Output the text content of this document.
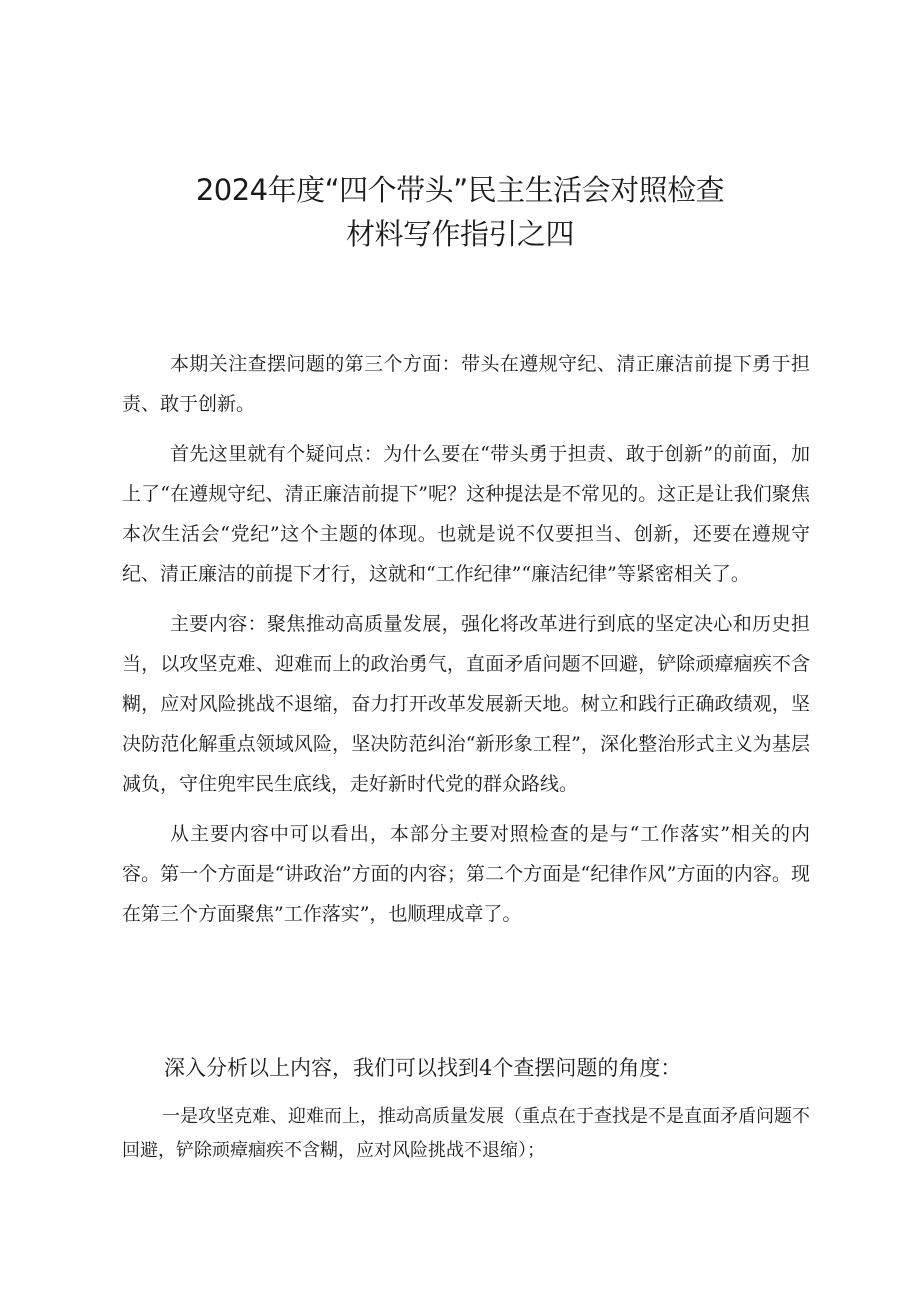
2024年度“四个带头”民主生活会对照检查
材料写作指引之四

本期关注查摆问题的第三个方面：带头在遵规守纪、清正廉洁前提下勇于担责、敢于创新。

首先这里就有个疑问点：为什么要在“带头勇于担责、敢于创新”的前面，加上了“在遵规守纪、清正廉洁前提下”呢？这种提法是不常见的。这正是让我们聚焦本次生活会“党纪”这个主题的体现。也就是说不仅要担当、创新，还要在遵规守纪、清正廉洁的前提下才行，这就和“工作纪律”“廉洁纪律”等紧密相关了。

主要内容：聚焦推动高质量发展，强化将改革进行到底的坚定决心和历史担当，以攻坚克难、迎难而上的政治勇气，直面矛盾问题不回避，铲除顽瘴痼疾不含糊，应对风险挑战不退缩，奋力打开改革发展新天地。树立和践行正确政绩观，坚决防范化解重点领域风险，坚决防范纠治“新形象工程”，深化整治形式主义为基层减负，守住兜牢民生底线，走好新时代党的群众路线。

从主要内容中可以看出，本部分主要对照检查的是与“工作落实”相关的内容。第一个方面是“讲政治”方面的内容；第二个方面是“纪律作风”方面的内容。现在第三个方面聚焦”工作落实”，也顺理成章了。

深入分析以上内容，我们可以找到4个查摆问题的角度：

一是攻坚克难、迎难而上，推动高质量发展（重点在于查找是不是直面矛盾问题不回避，铲除顽瘴痼疾不含糊，应对风险挑战不退缩）；
